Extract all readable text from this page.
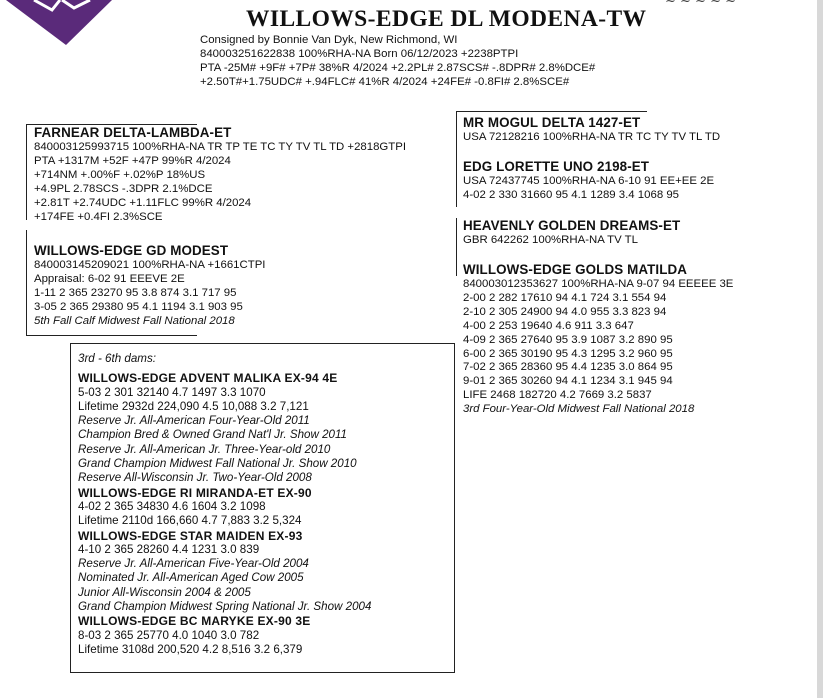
~ ~ ~ ~ ~
WILLOWS-EDGE DL MODENA-TW
Consigned by Bonnie Van Dyk, New Richmond, WI
840003251622838 100%RHA-NA Born 06/12/2023 +2238PTPI
PTA -25M# +9F# +7P# 38%R 4/2024 +2.2PL# 2.87SCS# -.8DPR# 2.8%DCE#
+2.50T#+1.75UDC# +.94FLC# 41%R 4/2024 +24FE# -0.8FI# 2.8%SCE#
FARNEAR DELTA-LAMBDA-ET
840003125993715 100%RHA-NA TR TP TE TC TY TV TL TD +2818GTPI
PTA +1317M +52F +47P 99%R 4/2024
+714NM +.00%F +.02%P 18%US
+4.9PL 2.78SCS -.3DPR 2.1%DCE
+2.81T +2.74UDC +1.11FLC 99%R 4/2024
+174FE +0.4FI 2.3%SCE
WILLOWS-EDGE GD MODEST
840003145209021 100%RHA-NA +1661CTPI
Appraisal: 6-02 91 EEEVE 2E
1-11 2 365 23270 95 3.8 874 3.1 717 95
3-05 2 365 29380 95 4.1 1194 3.1 903 95
5th Fall Calf Midwest Fall National 2018
MR MOGUL DELTA 1427-ET
USA 72128216 100%RHA-NA TR TC TY TV TL TD
EDG LORETTE UNO 2198-ET
USA 72437745 100%RHA-NA 6-10 91 EE+EE 2E
4-02 2 330 31660 95 4.1 1289 3.4 1068 95
HEAVENLY GOLDEN DREAMS-ET
GBR 642262 100%RHA-NA TV TL
WILLOWS-EDGE GOLDS MATILDA
840003012353627 100%RHA-NA 9-07 94 EEEEE 3E
2-00 2 282 17610 94 4.1 724 3.1 554 94
2-10 2 305 24900 94 4.0 955 3.3 823 94
4-00 2 253 19640 4.6 911 3.3 647
4-09 2 365 27640 95 3.9 1087 3.2 890 95
6-00 2 365 30190 95 4.3 1295 3.2 960 95
7-02 2 365 28360 95 4.4 1235 3.0 864 95
9-01 2 365 30260 94 4.1 1234 3.1 945 94
LIFE 2468 182720 4.2 7669 3.2 5837
3rd Four-Year-Old Midwest Fall National 2018
3rd - 6th dams:
WILLOWS-EDGE ADVENT MALIKA EX-94 4E
5-03 2 301 32140 4.7 1497 3.3 1070
Lifetime 2932d 224,090 4.5 10,088 3.2 7,121
Reserve Jr. All-American Four-Year-Old 2011
Champion Bred & Owned Grand Nat'l Jr. Show 2011
Reserve Jr. All-American Jr. Three-Year-old 2010
Grand Champion Midwest Fall National Jr. Show 2010
Reserve All-Wisconsin Jr. Two-Year-Old 2008
WILLOWS-EDGE RI MIRANDA-ET EX-90
4-02 2 365 34830 4.6 1604 3.2 1098
Lifetime 2110d 166,660 4.7 7,883 3.2 5,324
WILLOWS-EDGE STAR MAIDEN EX-93
4-10 2 365 28260 4.4 1231 3.0 839
Reserve Jr. All-American Five-Year-Old 2004
Nominated Jr. All-American Aged Cow 2005
Junior All-Wisconsin 2004 & 2005
Grand Champion Midwest Spring National Jr. Show 2004
WILLOWS-EDGE BC MARYKE EX-90 3E
8-03 2 365 25770 4.0 1040 3.0 782
Lifetime 3108d 200,520 4.2 8,516 3.2 6,379
